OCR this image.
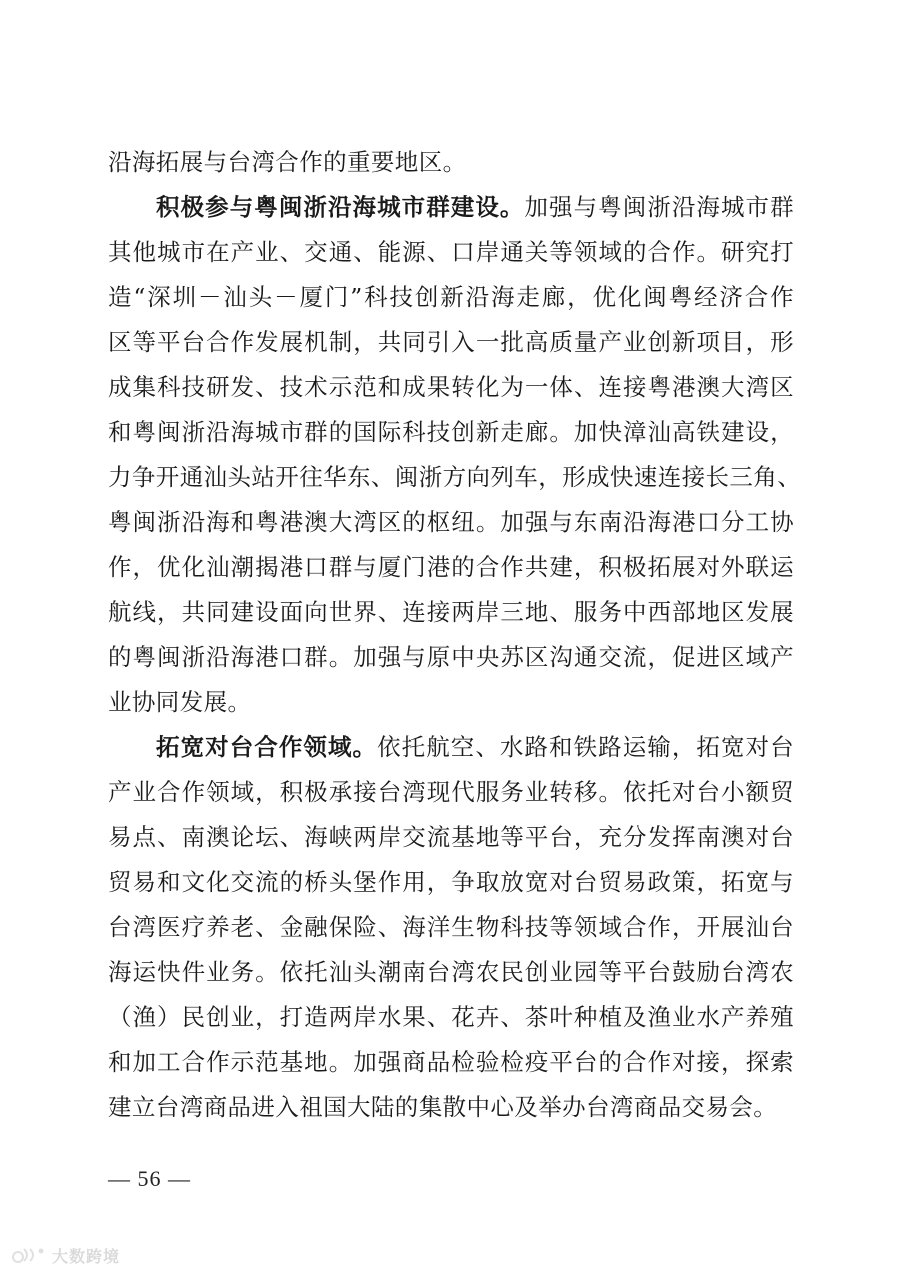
沿海拓展与台湾合作的重要地区。
积极参与粤闽浙沿海城市群建设。加强与粤闽浙沿海城市群
其他城市在产业、交通、能源、口岸通关等领域的合作。研究打
造“深圳－汕头－厦门”科技创新沿海走廊，优化闽粤经济合作
区等平台合作发展机制，共同引入一批高质量产业创新项目，形
成集科技研发、技术示范和成果转化为一体、连接粤港澳大湾区
和粤闽浙沿海城市群的国际科技创新走廊。加快漳汕高铁建设，
力争开通汕头站开往华东、闽浙方向列车，形成快速连接长三角、
粤闽浙沿海和粤港澳大湾区的枢纽。加强与东南沿海港口分工协
作，优化汕潮揭港口群与厦门港的合作共建，积极拓展对外联运
航线，共同建设面向世界、连接两岸三地、服务中西部地区发展
的粤闽浙沿海港口群。加强与原中央苏区沟通交流，促进区域产
业协同发展。
拓宽对台合作领域。依托航空、水路和铁路运输，拓宽对台
产业合作领域，积极承接台湾现代服务业转移。依托对台小额贸
易点、南澳论坛、海峡两岸交流基地等平台，充分发挥南澳对台
贸易和文化交流的桥头堡作用，争取放宽对台贸易政策，拓宽与
台湾医疗养老、金融保险、海洋生物科技等领域合作，开展汕台
海运快件业务。依托汕头潮南台湾农民创业园等平台鼓励台湾农
（渔）民创业，打造两岸水果、花卉、茶叶种植及渔业水产养殖
和加工合作示范基地。加强商品检验检疫平台的合作对接，探索
建立台湾商品进入祖国大陆的集散中心及举办台湾商品交易会。
— 56 —
大数跨境
